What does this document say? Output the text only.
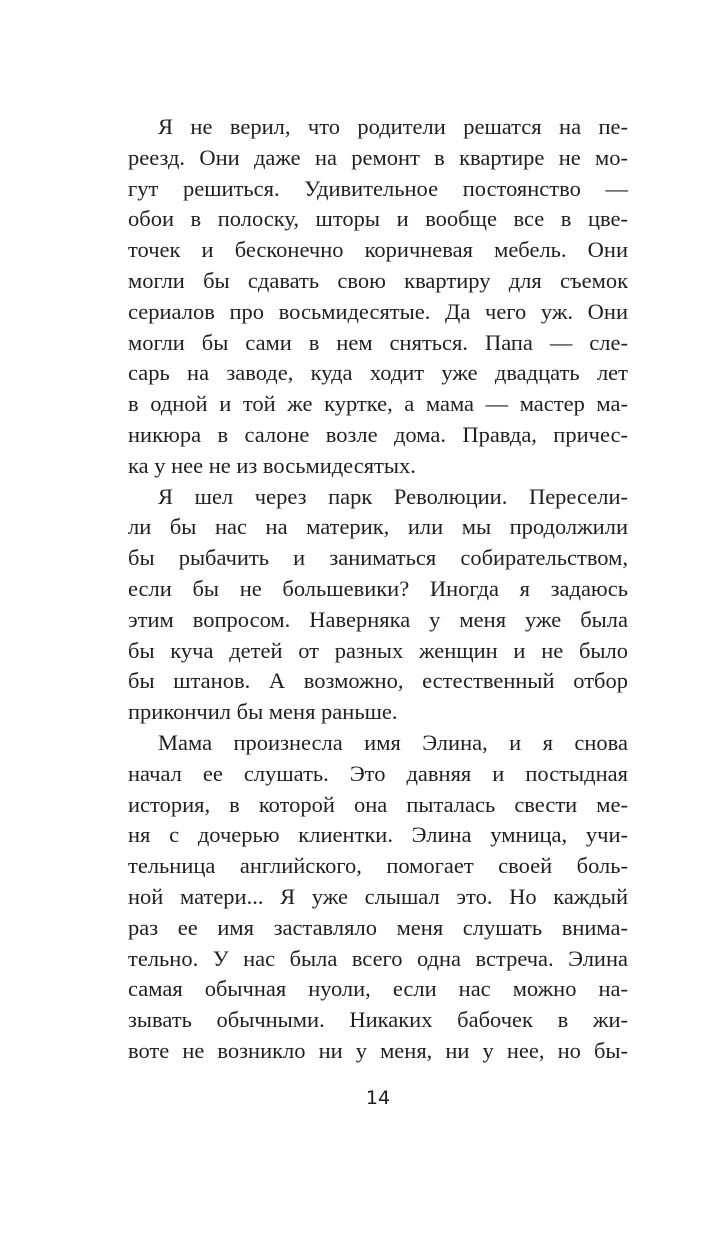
Я не верил, что родители решатся на пе-
реезд. Они даже на ремонт в квартире не мо-
гут решиться. Удивительное постоянство —
обои в полоску, шторы и вообще все в цве-
точек и бесконечно коричневая мебель. Они
могли бы сдавать свою квартиру для съемок
сериалов про восьмидесятые. Да чего уж. Они
могли бы сами в нем сняться. Папа — сле-
сарь на заводе, куда ходит уже двадцать лет
в одной и той же куртке, а мама — мастер ма-
никюра в салоне возле дома. Правда, причес-
ка у нее не из восьмидесятых.
Я шел через парк Революции. Пересели-
ли бы нас на материк, или мы продолжили
бы рыбачить и заниматься собирательством,
если бы не большевики? Иногда я задаюсь
этим вопросом. Наверняка у меня уже была
бы куча детей от разных женщин и не было
бы штанов. А возможно, естественный отбор
прикончил бы меня раньше.
Мама произнесла имя Элина, и я снова
начал ее слушать. Это давняя и постыдная
история, в которой она пыталась свести ме-
ня с дочерью клиентки. Элина умница, учи-
тельница английского, помогает своей боль-
ной матери... Я уже слышал это. Но каждый
раз ее имя заставляло меня слушать внима-
тельно. У нас была всего одна встреча. Элина
самая обычная нуоли, если нас можно на-
зывать обычными. Никаких бабочек в жи-
воте не возникло ни у меня, ни у нее, но бы-
14
